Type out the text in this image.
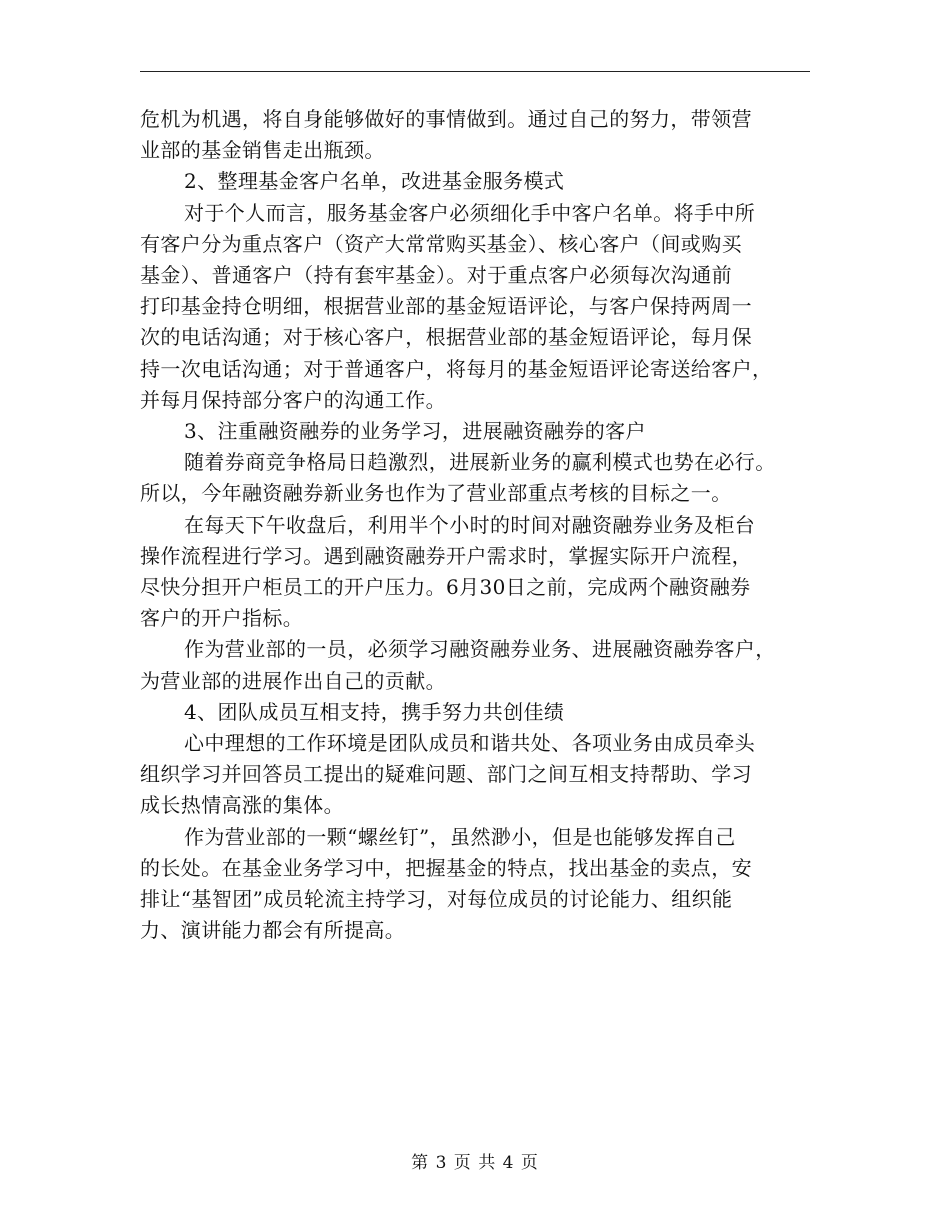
危机为机遇，将自身能够做好的事情做到。通过自己的努力，带领营

业部的基金销售走出瓶颈。

2、整理基金客户名单，改进基金服务模式

对于个人而言，服务基金客户必须细化手中客户名单。将手中所

有客户分为重点客户（资产大常常购买基金）、核心客户（间或购买

基金）、普通客户（持有套牢基金）。对于重点客户必须每次沟通前

打印基金持仓明细，根据营业部的基金短语评论，与客户保持两周一

次的电话沟通；对于核心客户，根据营业部的基金短语评论，每月保

持一次电话沟通；对于普通客户，将每月的基金短语评论寄送给客户，

并每月保持部分客户的沟通工作。

3、注重融资融券的业务学习，进展融资融券的客户

随着券商竞争格局日趋激烈，进展新业务的赢利模式也势在必行。

所以，今年融资融券新业务也作为了营业部重点考核的目标之一。

在每天下午收盘后，利用半个小时的时间对融资融券业务及柜台

操作流程进行学习。遇到融资融券开户需求时，掌握实际开户流程，

尽快分担开户柜员工的开户压力。6月30日之前，完成两个融资融券

客户的开户指标。

作为营业部的一员，必须学习融资融券业务、进展融资融券客户，

为营业部的进展作出自己的贡献。

4、团队成员互相支持，携手努力共创佳绩

心中理想的工作环境是团队成员和谐共处、各项业务由成员牵头

组织学习并回答员工提出的疑难问题、部门之间互相支持帮助、学习

成长热情高涨的集体。

作为营业部的一颗“螺丝钉”，虽然渺小，但是也能够发挥自己

的长处。在基金业务学习中，把握基金的特点，找出基金的卖点，安

排让“基智团”成员轮流主持学习，对每位成员的讨论能力、组织能

力、演讲能力都会有所提高。

第 3 页 共 4 页
